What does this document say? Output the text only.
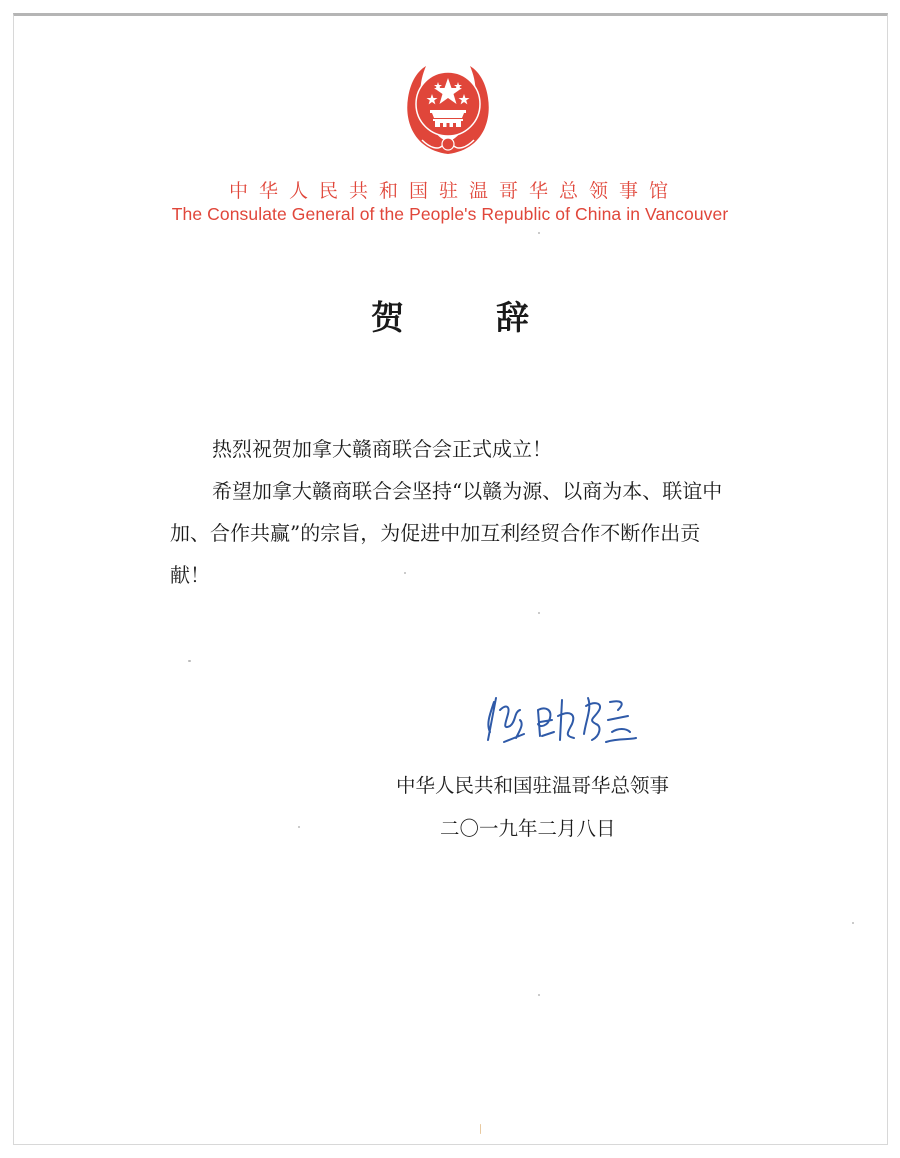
中华人民共和国驻温哥华总领事馆
The Consulate General of the People's Republic of China in Vancouver
贺	辞
热烈祝贺加拿大赣商联合会正式成立！
希望加拿大赣商联合会坚持“以赣为源、以商为本、联谊中加、合作共赢”的宗旨，为促进中加互利经贸合作不断作出贡献！
中华人民共和国驻温哥华总领事
二〇一九年二月八日
